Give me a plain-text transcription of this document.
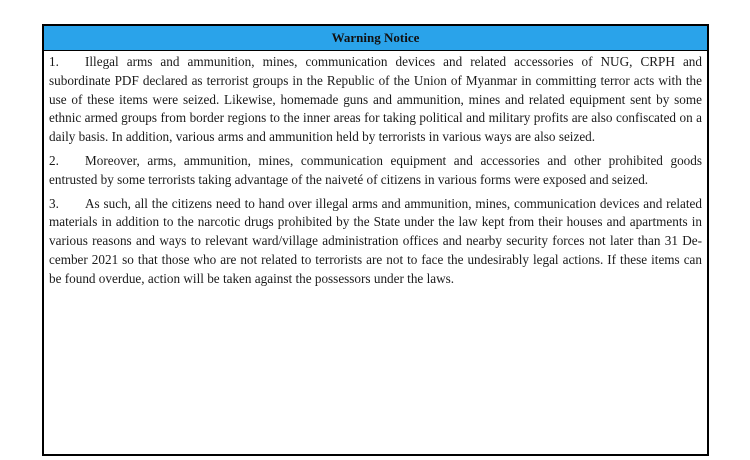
Warning Notice

1. Illegal arms and ammunition, mines, communication devices and related accessories of NUG, CRPH and subordinate PDF declared as terrorist groups in the Republic of the Union of Myanmar in committing terror acts with the use of these items were seized. Likewise, homemade guns and ammunition, mines and related equipment sent by some ethnic armed groups from border regions to the inner areas for taking political and military profits are also confiscated on a daily basis. In addition, various arms and ammunition held by terrorists in various ways are also seized.

2. Moreover, arms, ammunition, mines, communication equipment and accessories and other prohibited goods entrusted by some terrorists taking advantage of the naiveté of citizens in various forms were exposed and seized.

3. As such, all the citizens need to hand over illegal arms and ammunition, mines, communication devices and related materials in addition to the narcotic drugs prohibited by the State under the law kept from their houses and apartments in various reasons and ways to relevant ward/village administration offices and nearby security forces not later than 31 December 2021 so that those who are not related to terrorists are not to face the undesirably legal actions. If these items can be found overdue, action will be taken against the possessors under the laws.
